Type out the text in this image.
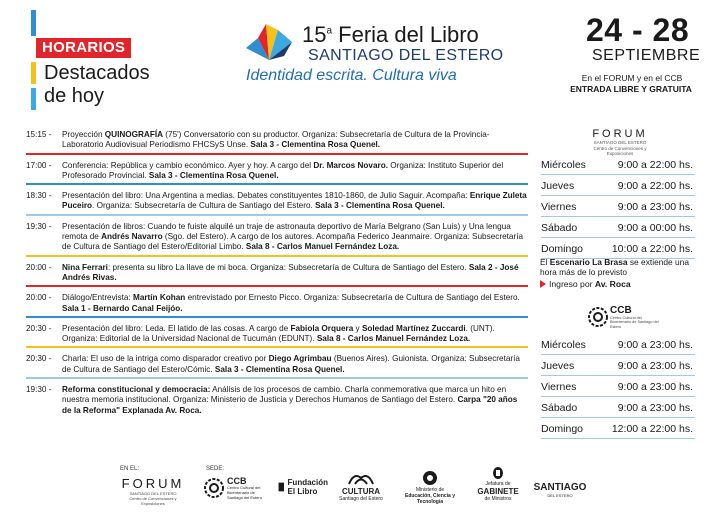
HORARIOS
Destacados
de hoy
15$^a$ Feria del Libro
SANTIAGO DEL ESTERO
Identidad escrita. Cultura viva
24 - 28
SEPTIEMBRE
En el FORUM y en el CCB
ENTRADA LIBRE Y GRATUITA
15:15 -	Proyección QUINOGRAFÍA (75') Conversatorio con su productor. Organiza: Subsecretaría de Cultura de la Provincia- Laboratorio Audiovisual Periodismo FHCSyS Unse. Sala 3 - Clementina Rosa Quenel.
17:00 -	Conferencia: República y cambio económico. Ayer y hoy. A cargo del Dr. Marcos Novaro. Organiza: Instituto Superior del Profesorado Provincial. Sala 3 - Clementina Rosa Quenel.
18:30 -	Presentación del libro: Una Argentina a medias. Debates constituyentes 1810-1860, de Julio Saguir. Acompaña: Enrique Zuleta Puceiro. Organiza: Subsecretaría de Cultura de Santiago del Estero. Sala 3 - Clementina Rosa Quenel.
19:30 -	Presentación de libros: Cuando te fuiste alquilé un traje de astronauta deportivo de María Belgrano (San Luis) y Una lengua remota de Andrés Navarro (Sgo. del Estero). A cargo de los autores. Acompaña Federico Jeanmaire. Organiza: Subsecretaría de Cultura de Santiago del Estero/Editorial Limbo. Sala 8 - Carlos Manuel Fernández Loza.
20:00 -	Nina Ferrari: presenta su libro La llave de mi boca. Organiza: Subsecretaría de Cultura de Santiago del Estero. Sala 2 - José Andrés Rivas.
20:00 -	Diálogo/Entrevista: Martín Kohan entrevistado por Ernesto Picco. Organiza: Subsecretaría de Cultura de Santiago del Estero. Sala 1 - Bernardo Canal Feijóo.
20:30 -	Presentación del libro: Leda. El latido de las cosas. A cargo de Fabiola Orquera y Soledad Martínez Zuccardi. (UNT). Organiza: Editorial de la Universidad Nacional de Tucumán (EDUNT). Sala 8 - Carlos Manuel Fernández Loza.
20:30 -	Charla: El uso de la intriga como disparador creativo por Diego Agrimbau (Buenos Aires). Guionista. Organiza: Subsecretaría de Cultura de Santiago del Estero/Cómic. Sala 3 - Clementina Rosa Quenel.
19:30 -	Reforma constitucional y democracia: Análisis de los procesos de cambio. Charla conmemorativa que marca un hito en nuestra memoria institucional. Organiza: Ministerio de Justicia y Derechos Humanos de Santiago del Estero. Carpa "20 años de la Reforma" Explanada Av. Roca.
FORUM
SANTIAGO DEL ESTERO
Centro de Convenciones y Exposiciones
Miércoles	9:00 a 22:00 hs.
Jueves	9:00 a 22:00 hs.
Viernes	9:00 a 23:00 hs.
Sábado	9:00 a 00:00 hs.
Domingo	10:00 a 22:00 hs.
El Escenario La Brasa se extiende una hora más de lo previsto
Ingreso por Av. Roca
CCB
Centro Cultural del Bicentenario de Santiago del Estero
Miércoles	9:00 a 23:00 hs.
Jueves	9:00 a 23:00 hs.
Viernes	9:00 a 23:00 hs.
Sábado	9:00 a 23:00 hs.
Domingo	12:00 a 22:00 hs.
EN EL:
FORUM
SANTIAGO DEL ESTERO
Centro de Convenciones y Exposiciones
SEDE:
CCB
Centro Cultural del Bicentenario de Santiago del Estero
Fundación
El Libro	CULTURA
Santiago del Estero
Ministerio de
Educación, Ciencia y Tecnología
Jefatura de
GABINETE
de Ministros
SANTIAGO
DEL ESTERO
